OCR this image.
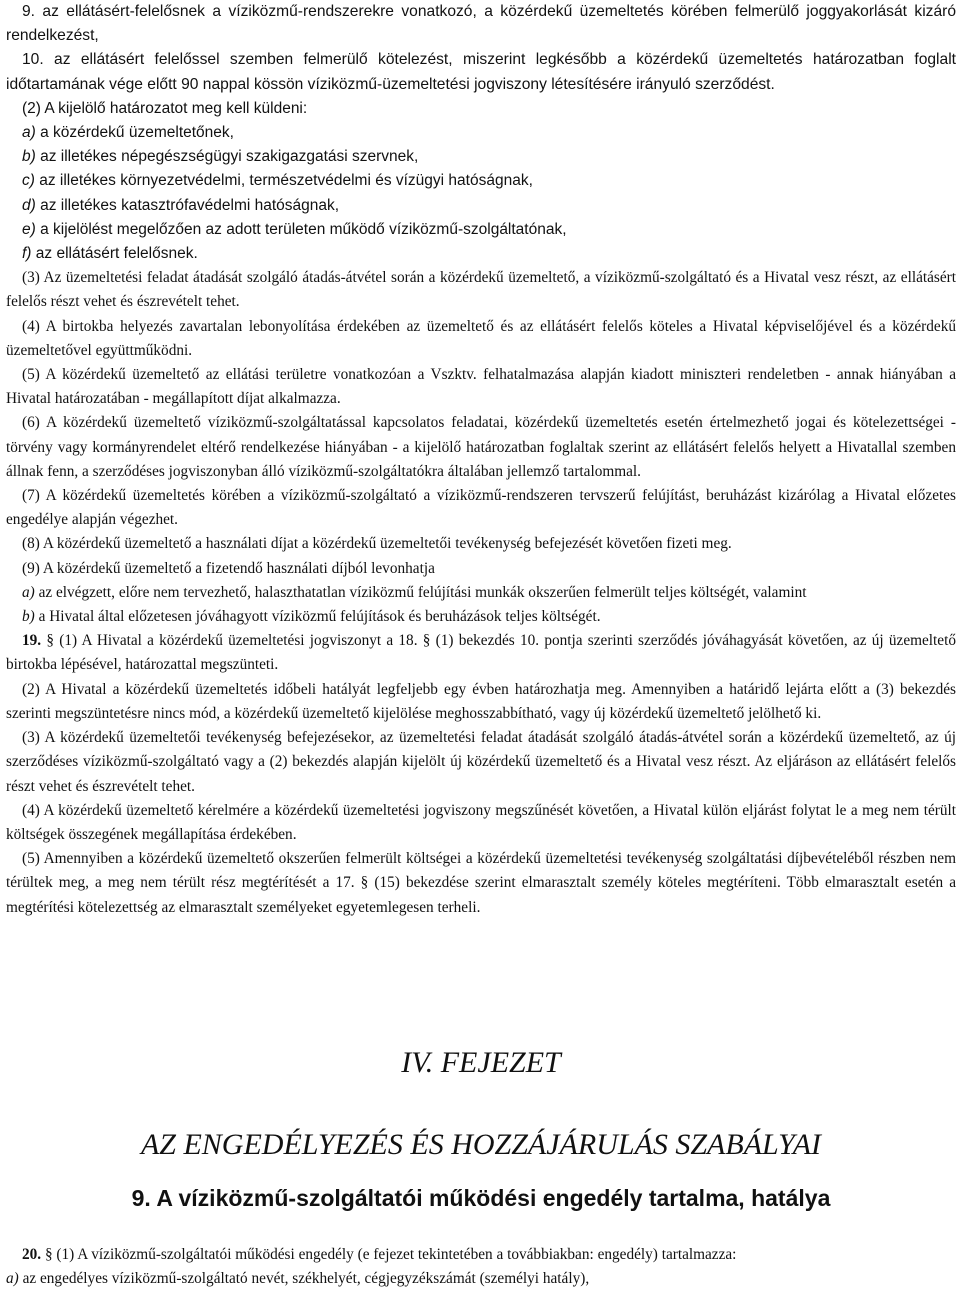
9. az ellátásért-felelősnek a víziközmű-rendszerekre vonatkozó, a közérdekű üzemeltetés körében felmerülő joggyakorlását kizáró rendelkezést,

10. az ellátásért felelőssel szemben felmerülő kötelezést, miszerint legkésőbb a közérdekű üzemeltetés határozatban foglalt időtartamának vége előtt 90 nappal kössön víziközmű-üzemeltetési jogviszony létesítésére irányuló szerződést.

(2) A kijelölő határozatot meg kell küldeni:

a) a közérdekű üzemeltetőnek,

b) az illetékes népegészségügyi szakigazgatási szervnek,

c) az illetékes környezetvédelmi, természetvédelmi és vízügyi hatóságnak,

d) az illetékes katasztrófavédelmi hatóságnak,

e) a kijelölést megelőzően az adott területen működő víziközmű-szolgáltatónak,

f) az ellátásért felelősnek.

(3) Az üzemeltetési feladat átadását szolgáló átadás-átvétel során a közérdekű üzemeltető, a víziközmű-szolgáltató és a Hivatal vesz részt, az ellátásért felelős részt vehet és észrevételt tehet.

(4) A birtokba helyezés zavartalan lebonyolítása érdekében az üzemeltető és az ellátásért felelős köteles a Hivatal képviselőjével és a közérdekű üzemeltetővel együttműködni.

(5) A közérdekű üzemeltető az ellátási területre vonatkozóan a Vszktv. felhatalmazása alapján kiadott miniszteri rendeletben - annak hiányában a Hivatal határozatában - megállapított díjat alkalmazza.

(6) A közérdekű üzemeltető víziközmű-szolgáltatással kapcsolatos feladatai, közérdekű üzemeltetés esetén értelmezhető jogai és kötelezettségei - törvény vagy kormányrendelet eltérő rendelkezése hiányában - a kijelölő határozatban foglaltak szerint az ellátásért felelős helyett a Hivatallal szemben állnak fenn, a szerződéses jogviszonyban álló víziközmű-szolgáltatókra általában jellemző tartalommal.

(7) A közérdekű üzemeltetés körében a víziközmű-szolgáltató a víziközmű-rendszeren tervszerű felújítást, beruházást kizárólag a Hivatal előzetes engedélye alapján végezhet.

(8) A közérdekű üzemeltető a használati díjat a közérdekű üzemeltetői tevékenység befejezését követően fizeti meg.

(9) A közérdekű üzemeltető a fizetendő használati díjból levonhatja

a) az elvégzett, előre nem tervezhető, halaszthatatlan víziközmű felújítási munkák okszerűen felmerült teljes költségét, valamint

b) a Hivatal által előzetesen jóváhagyott víziközmű felújítások és beruházások teljes költségét.

19. § (1) A Hivatal a közérdekű üzemeltetési jogviszonyt a 18. § (1) bekezdés 10. pontja szerinti szerződés jóváhagyását követően, az új üzemeltető birtokba lépésével, határozattal megszünteti.

(2) A Hivatal a közérdekű üzemeltetés időbeli hatályát legfeljebb egy évben határozhatja meg. Amennyiben a határidő lejárta előtt a (3) bekezdés szerinti megszüntetésre nincs mód, a közérdekű üzemeltető kijelölése meghosszabbítható, vagy új közérdekű üzemeltető jelölhető ki.

(3) A közérdekű üzemeltetői tevékenység befejezésekor, az üzemeltetési feladat átadását szolgáló átadás-átvétel során a közérdekű üzemeltető, az új szerződéses víziközmű-szolgáltató vagy a (2) bekezdés alapján kijelölt új közérdekű üzemeltető és a Hivatal vesz részt. Az eljáráson az ellátásért felelős részt vehet és észrevételt tehet.

(4) A közérdekű üzemeltető kérelmére a közérdekű üzemeltetési jogviszony megszűnését követően, a Hivatal külön eljárást folytat le a meg nem térült költségek összegének megállapítása érdekében.

(5) Amennyiben a közérdekű üzemeltető okszerűen felmerült költségei a közérdekű üzemeltetési tevékenység szolgáltatási díjbevételéből részben nem térültek meg, a meg nem térült rész megtérítését a 17. § (15) bekezdése szerint elmarasztalt személy köteles megtéríteni. Több elmarasztalt esetén a megtérítési kötelezettség az elmarasztalt személyeket egyetemlegesen terheli.

IV. FEJEZET
AZ ENGEDÉLYEZÉS ÉS HOZZÁJÁRULÁS SZABÁLYAI
9. A víziközmű-szolgáltatói működési engedély tartalma, hatálya

20. § (1) A víziközmű-szolgáltatói működési engedély (e fejezet tekintetében a továbbiakban: engedély) tartalmazza:

a) az engedélyes víziközmű-szolgáltató nevét, székhelyét, cégjegyzékszámát (személyi hatály),
